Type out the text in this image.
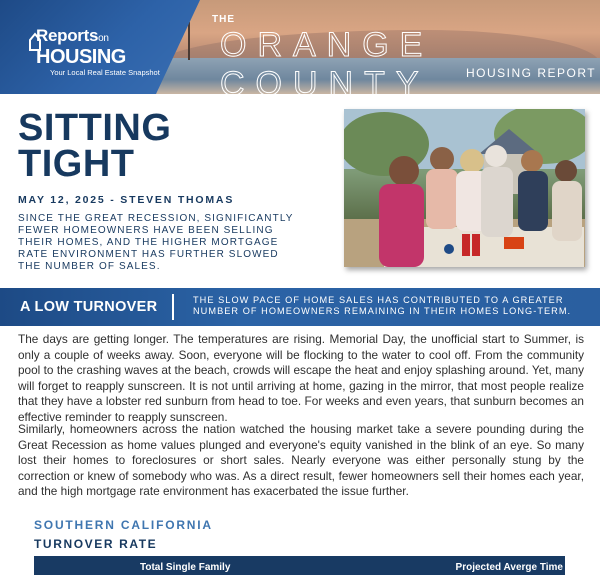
Reportson
HOUSING
Your Local Real Estate Snapshot
THE
ORANGE COUNTY	HOUSING REPORT
SITTING
TIGHT
MAY 12, 2025 - STEVEN THOMAS
SINCE THE GREAT RECESSION, SIGNIFICANTLY FEWER HOMEOWNERS HAVE BEEN SELLING THEIR HOMES, AND THE HIGHER MORTGAGE RATE ENVIRONMENT HAS FURTHER SLOWED THE NUMBER OF SALES.
A LOW TURNOVER	THE SLOW PACE OF HOME SALES HAS CONTRIBUTED TO A GREATER NUMBER OF HOMEOWNERS REMAINING IN THEIR HOMES LONG-TERM.

The days are getting longer. The temperatures are rising. Memorial Day, the unofficial start to Summer, is only a couple of weeks away. Soon, everyone will be flocking to the water to cool off. From the community pool to the crashing waves at the beach, crowds will escape the heat and enjoy splashing around. Yet, many will forget to reapply sunscreen. It is not until arriving at home, gazing in the mirror, that most people realize that they have a lobster red sunburn from head to toe. For weeks and even years, that sunburn becomes an effective reminder to reapply sunscreen.

Similarly, homeowners across the nation watched the housing market take a severe pounding during the Great Recession as home values plunged and everyone's equity vanished in the blink of an eye. So many lost their homes to foreclosures or short sales. Nearly everyone was either personally stung by the correction or knew of somebody who was. As a direct result, fewer homeowners sell their homes each year, and the high mortgage rate environment has exacerbated the issue further.

SOUTHERN CALIFORNIA
TURNOVER RATE
Total Single Family	Projected Averge Time
